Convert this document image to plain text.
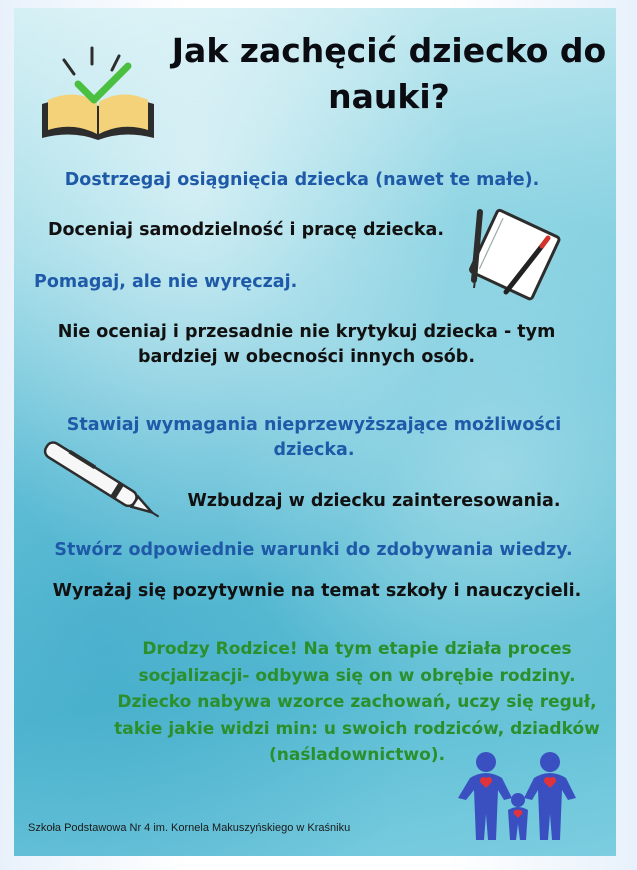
Jak zachęcić dziecko do nauki?
Dostrzegaj osiągnięcia dziecka (nawet te małe).
Doceniaj samodzielność i pracę dziecka.
Pomagaj, ale nie wyręczaj.
Nie oceniaj i przesadnie nie krytykuj dziecka - tym bardziej w obecności innych osób.
Stawiaj wymagania nieprzewyższające możliwości dziecka.
Wzbudzaj w dziecku zainteresowania.
Stwórz odpowiednie warunki do zdobywania wiedzy.
Wyrażaj się pozytywnie na temat szkoły i nauczycieli.
Drodzy Rodzice! Na tym etapie działa proces socjalizacji- odbywa się on w obrębie rodziny. Dziecko nabywa wzorce zachowań, uczy się reguł, takie jakie widzi min: u swoich rodziców, dziadków (naśladownictwo).
Szkoła Podstawowa Nr 4 im. Kornela Makuszyńskiego w Kraśniku
